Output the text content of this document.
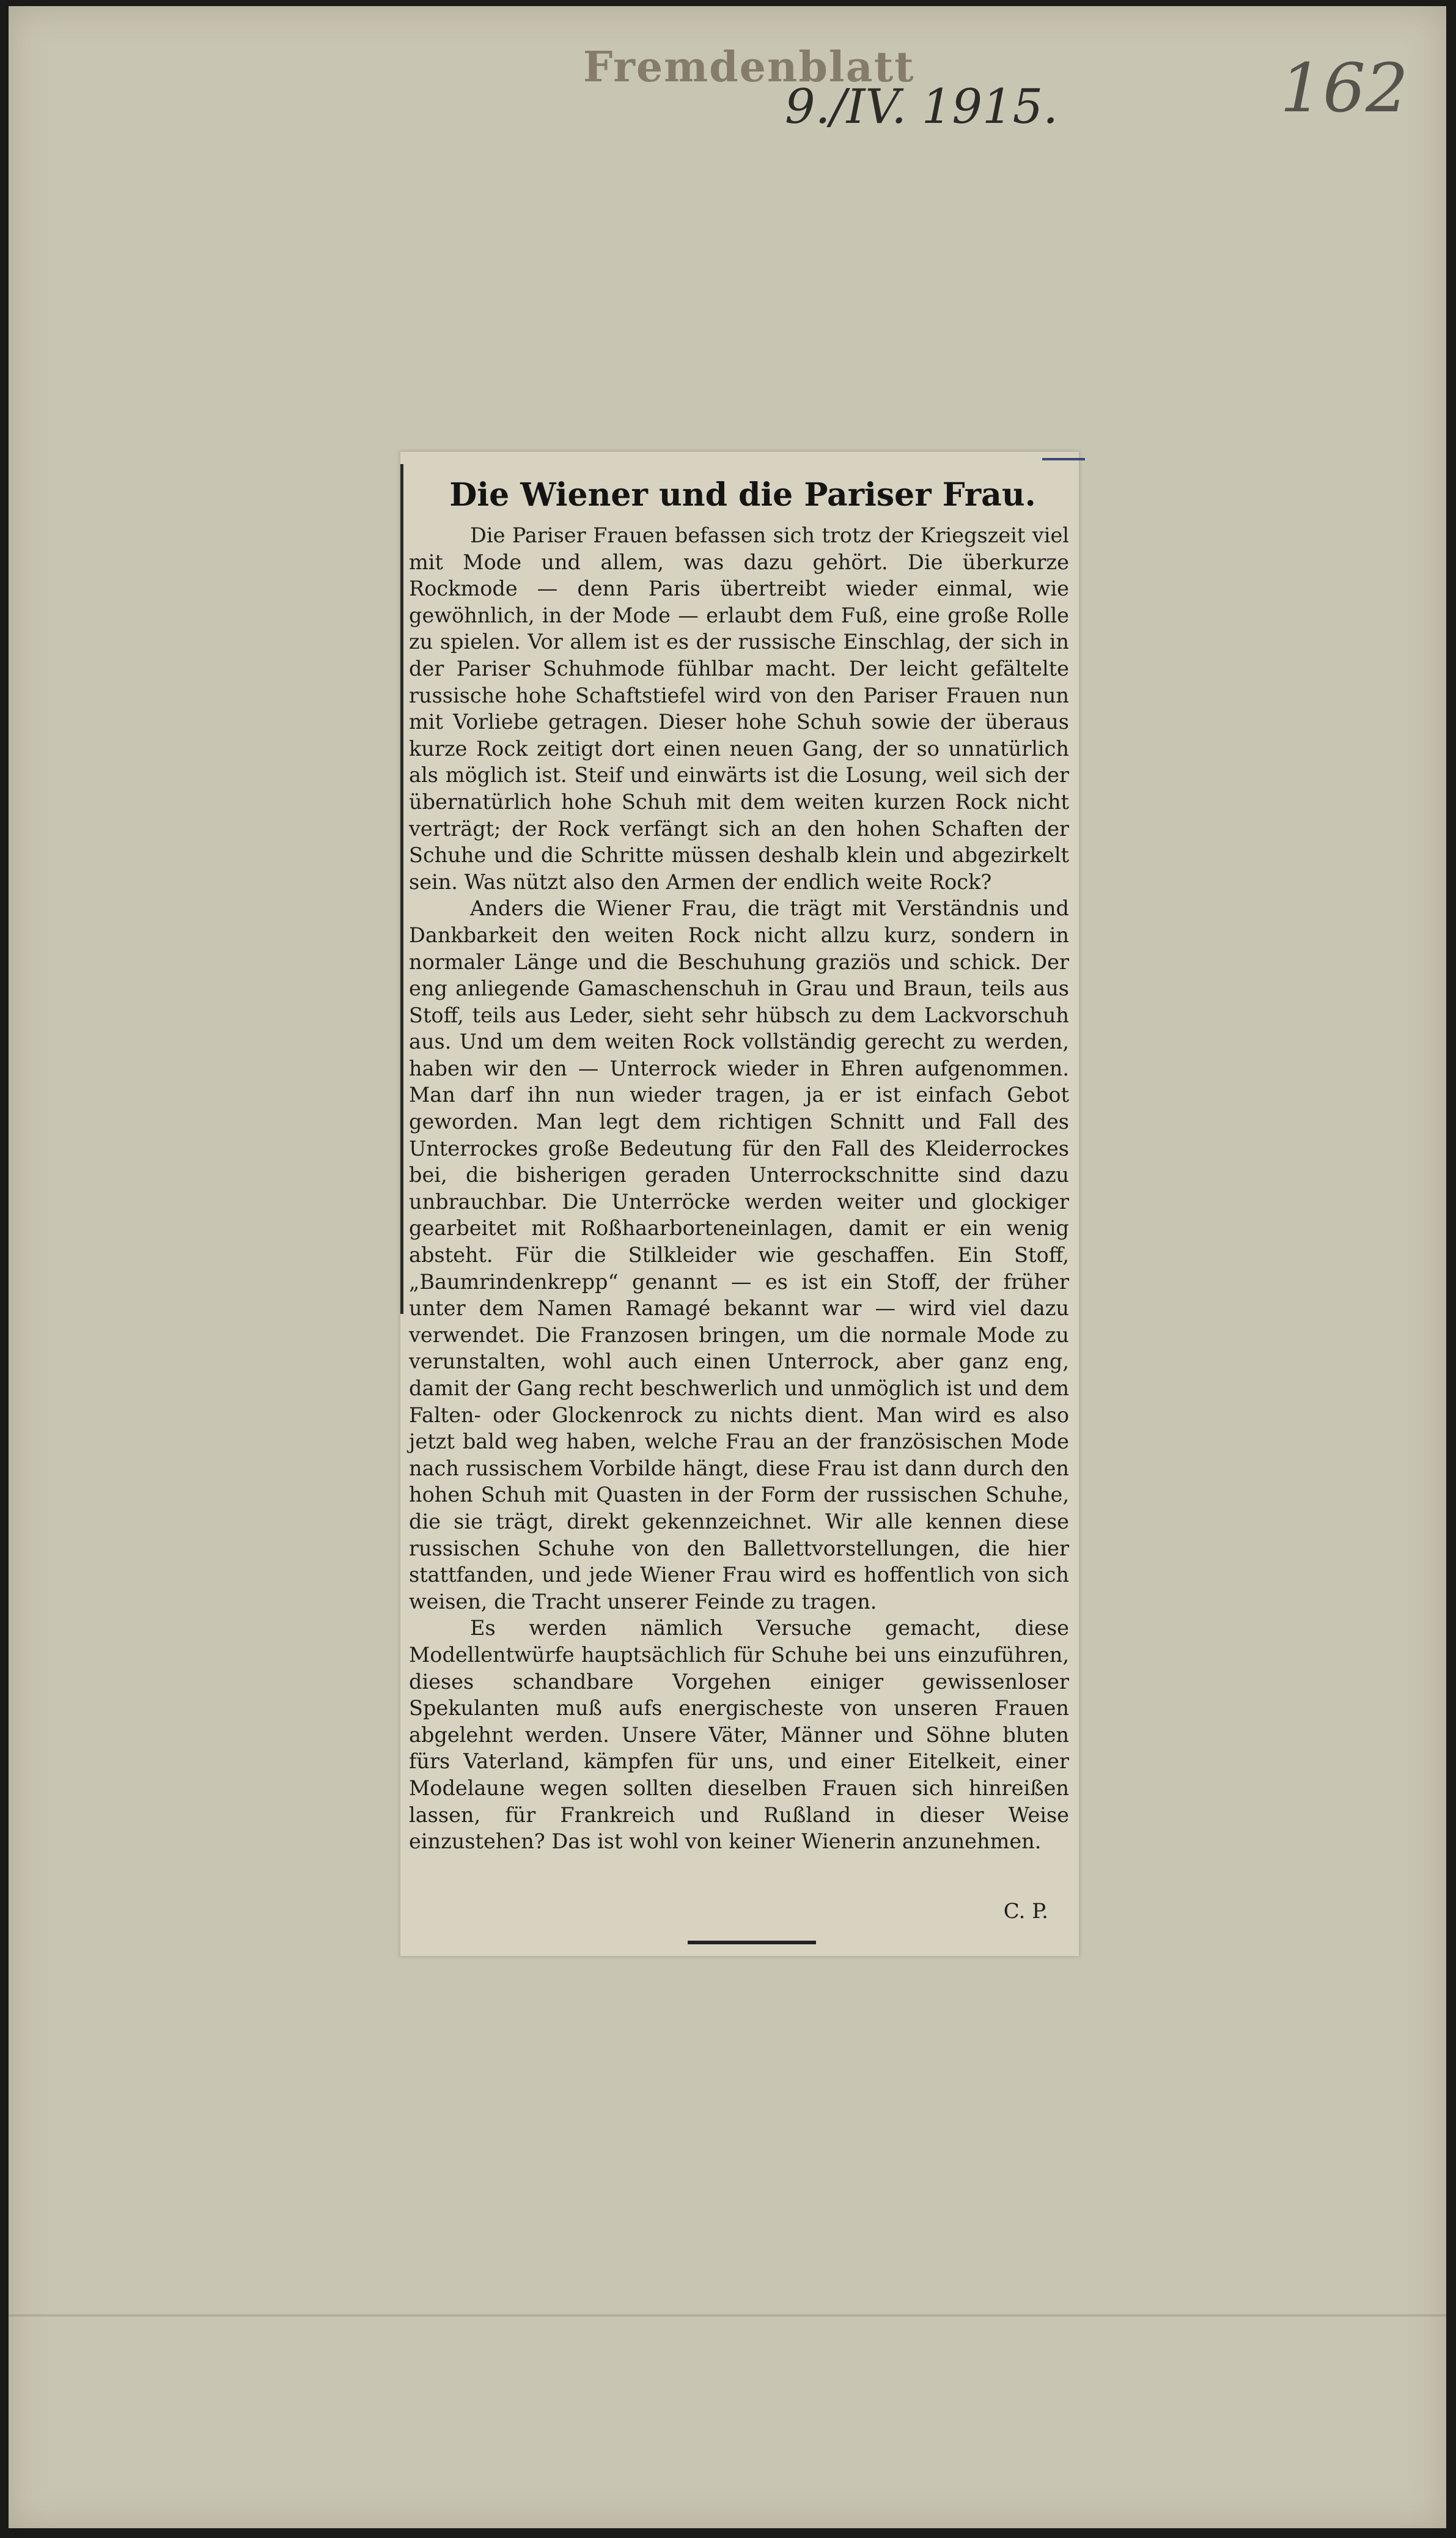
Fremdenblatt
9./IV. 1915.	162
Die Wiener und die Pariser Frau.

Die Pariser Frauen befassen sich trotz der Kriegszeit viel mit Mode und allem, was dazu gehört. Die überkurze Rockmode — denn Paris übertreibt wieder einmal, wie gewöhnlich, in der Mode — erlaubt dem Fuß, eine große Rolle zu spielen. Vor allem ist es der russische Einschlag, der sich in der Pariser Schuhmode fühlbar macht. Der leicht gefältelte russische hohe Schaftstiefel wird von den Pariser Frauen nun mit Vorliebe getragen. Dieser hohe Schuh sowie der überaus kurze Rock zeitigt dort einen neuen Gang, der so unnatürlich als möglich ist. Steif und einwärts ist die Losung, weil sich der übernatürlich hohe Schuh mit dem weiten kurzen Rock nicht verträgt; der Rock verfängt sich an den hohen Schaften der Schuhe und die Schritte müssen deshalb klein und abgezirkelt sein. Was nützt also den Armen der endlich weite Rock?

Anders die Wiener Frau, die trägt mit Verständnis und Dankbarkeit den weiten Rock nicht allzu kurz, sondern in normaler Länge und die Beschuhung graziös und schick. Der eng anliegende Gamaschenschuh in Grau und Braun, teils aus Stoff, teils aus Leder, sieht sehr hübsch zu dem Lackvorschuh aus. Und um dem weiten Rock vollständig gerecht zu werden, haben wir den — Unterrock wieder in Ehren aufgenommen. Man darf ihn nun wieder tragen, ja er ist einfach Gebot geworden. Man legt dem richtigen Schnitt und Fall des Unterrockes große Bedeutung für den Fall des Kleiderrockes bei, die bisherigen geraden Unterrockschnitte sind dazu unbrauchbar. Die Unterröcke werden weiter und glockiger gearbeitet mit Roßhaarborteneinlagen, damit er ein wenig absteht. Für die Stilkleider wie geschaffen. Ein Stoff, „Baumrindenkrepp“ genannt — es ist ein Stoff, der früher unter dem Namen Ramagé bekannt war — wird viel dazu verwendet. Die Franzosen bringen, um die normale Mode zu verunstalten, wohl auch einen Unterrock, aber ganz eng, damit der Gang recht beschwerlich und unmöglich ist und dem Falten- oder Glockenrock zu nichts dient. Man wird es also jetzt bald weg haben, welche Frau an der französischen Mode nach russischem Vorbilde hängt, diese Frau ist dann durch den hohen Schuh mit Quasten in der Form der russischen Schuhe, die sie trägt, direkt gekennzeichnet. Wir alle kennen diese russischen Schuhe von den Ballettvorstellungen, die hier stattfanden, und jede Wiener Frau wird es hoffentlich von sich weisen, die Tracht unserer Feinde zu tragen.

Es werden nämlich Versuche gemacht, diese Modellentwürfe hauptsächlich für Schuhe bei uns einzuführen, dieses schandbare Vorgehen einiger gewissenloser Spekulanten muß aufs energischeste von unseren Frauen abgelehnt werden. Unsere Väter, Männer und Söhne bluten fürs Vaterland, kämpfen für uns, und einer Eitelkeit, einer Modelaune wegen sollten dieselben Frauen sich hinreißen lassen, für Frankreich und Rußland in dieser Weise einzustehen? Das ist wohl von keiner Wienerin anzunehmen.

C. P.
